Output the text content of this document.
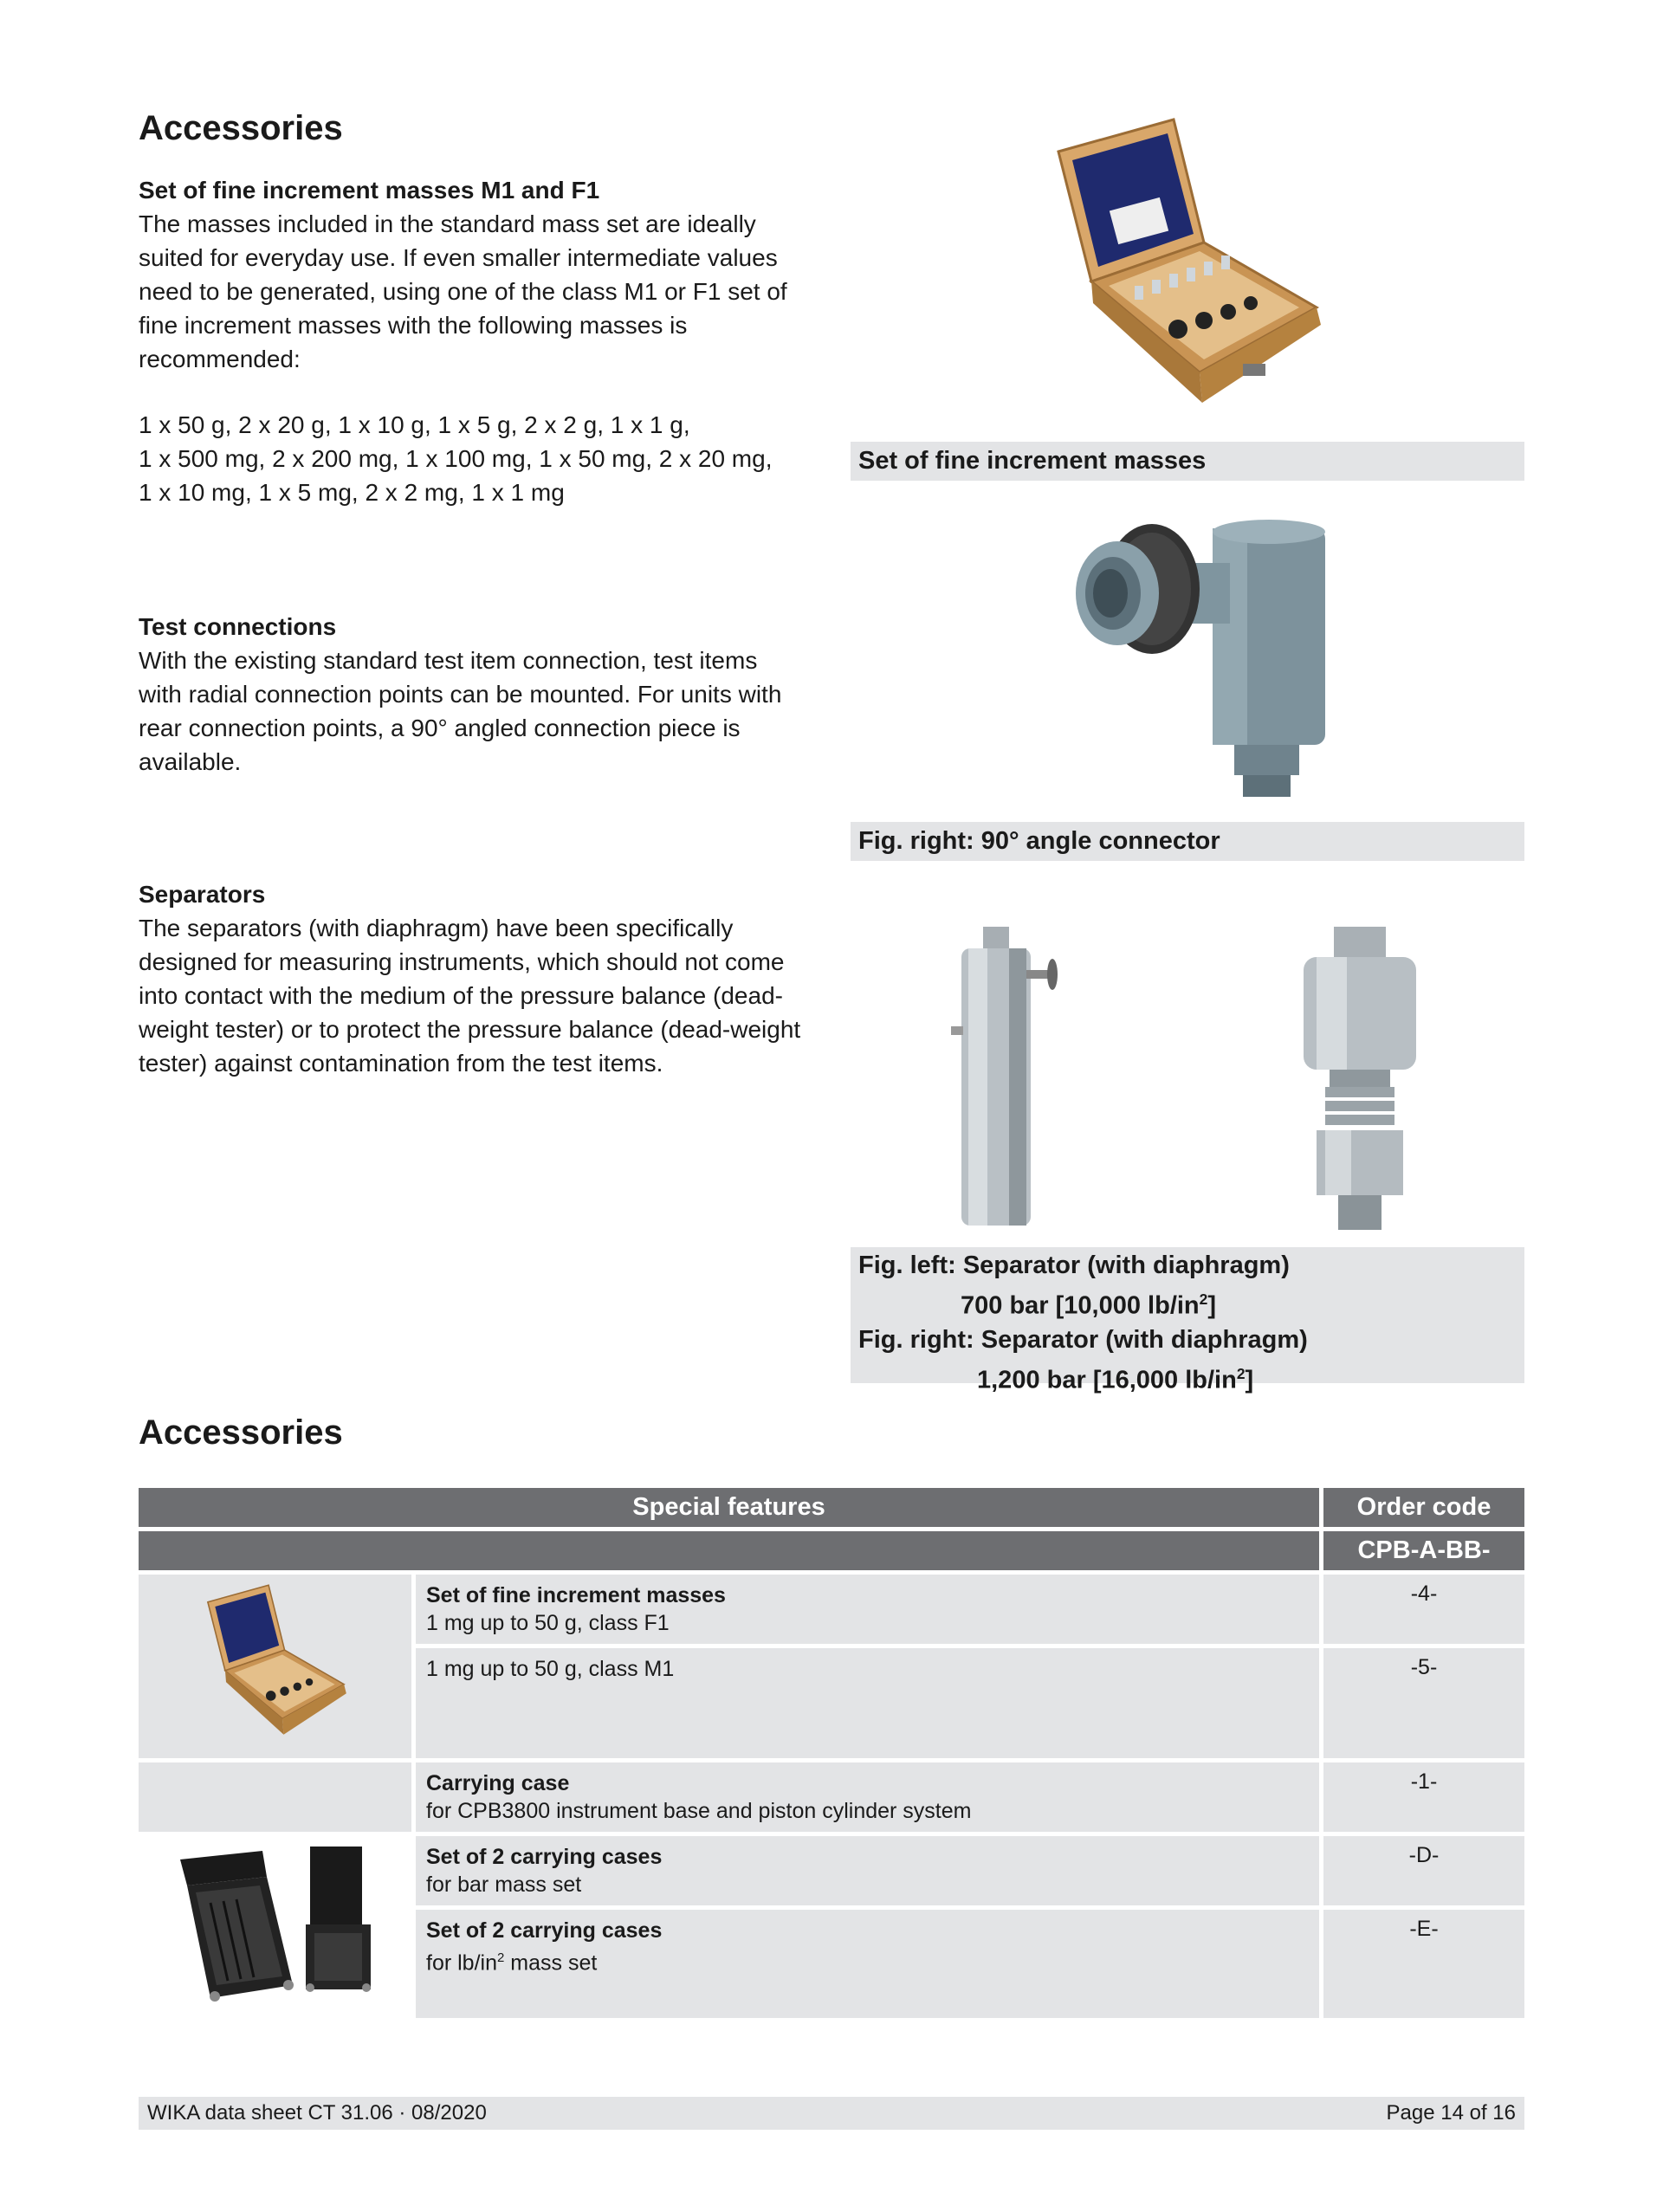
Accessories
Set of fine increment masses M1 and F1
The masses included in the standard mass set are ideally suited for everyday use. If even smaller intermediate values need to be generated, using one of the class M1 or F1 set of fine increment masses with the following masses is recommended:
1 x 50 g, 2 x 20 g, 1 x 10 g, 1 x 5 g, 2 x 2 g, 1 x 1 g,
1 x 500 mg, 2 x 200 mg, 1 x 100 mg, 1 x 50 mg, 2 x 20 mg,
1 x 10 mg, 1 x 5 mg, 2 x 2 mg, 1 x 1 mg
Set of fine increment masses
Test connections
With the existing standard test item connection, test items with radial connection points can be mounted. For units with rear connection points, a 90° angled connection piece is available.
Fig. right: 90° angle connector
Separators
The separators (with diaphragm) have been specifically designed for measuring instruments, which should not come into contact with the medium of the pressure balance (dead-weight tester) or to protect the pressure balance (dead-weight tester) against contamination from the test items.
Fig. left:
Separator (with diaphragm)
700 bar [10,000 $lb/in^2$]
Fig. right:
Separator (with diaphragm)
1,200 bar [16,000 $lb/in^2$]
Accessories
Special features		Order code
		CPB-A-BB-

Set of fine increment masses
1 mg up to 50 g, class F1	-4-
	1 mg up to 50 g, class M1	-5-

	Carrying case
for CPB3800 instrument base and piston cylinder system	-1-

Set of 2 carrying cases
for bar mass set	-D-

	Set of 2 carrying cases
for $lb/in^2$ mass set	-E-
WIKA data sheet CT 31.06 · 08/2020	Page 14 of 16
